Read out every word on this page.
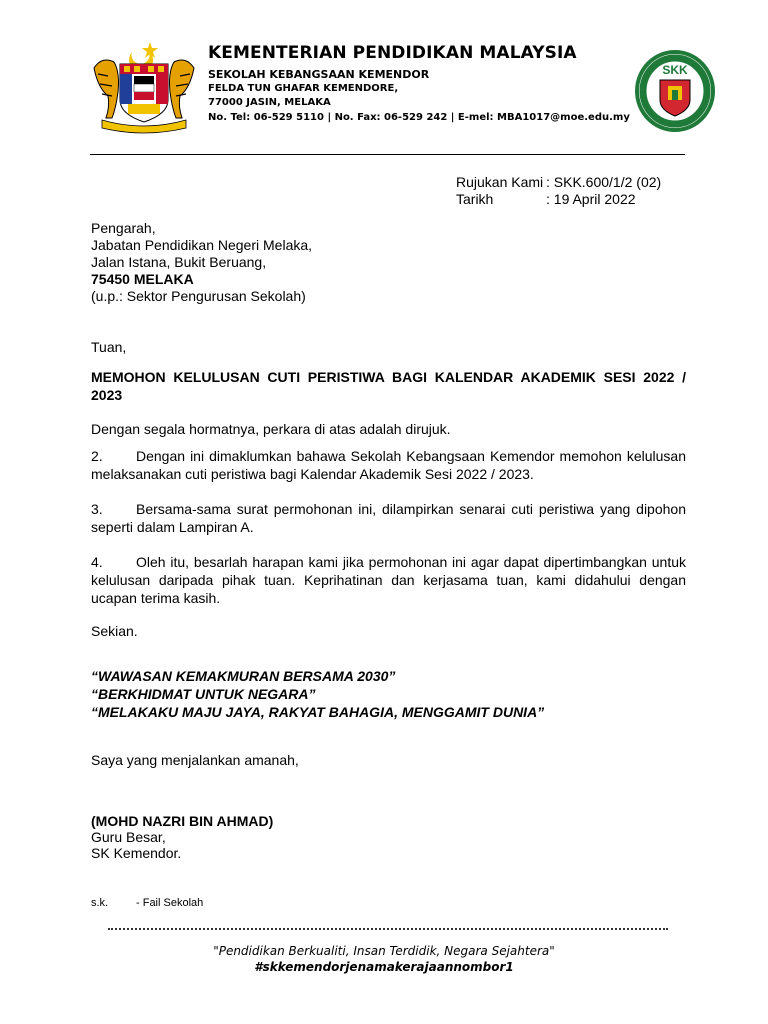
KEMENTERIAN PENDIDIKAN MALAYSIA
SEKOLAH KEBANGSAAN KEMENDOR
FELDA TUN GHAFAR KEMENDORE,
77000 JASIN, MELAKA
No. Tel: 06-529 5110 | No. Fax: 06-529 242 | E-mel: MBA1017@moe.edu.my
SKK
Rujukan Kami : SKK.600/1/2 (02)
Tarikh	: 19 April 2022
Pengarah,
Jabatan Pendidikan Negeri Melaka,
Jalan Istana, Bukit Beruang,
75450 MELAKA
(u.p.: Sektor Pengurusan Sekolah)
Tuan,
MEMOHON KELULUSAN CUTI PERISTIWA BAGI KALENDAR AKADEMIK SESI 2022 / 2023
Dengan segala hormatnya, perkara di atas adalah dirujuk.
2. Dengan ini dimaklumkan bahawa Sekolah Kebangsaan Kemendor memohon kelulusan melaksanakan cuti peristiwa bagi Kalendar Akademik Sesi 2022 / 2023.
3. Bersama-sama surat permohonan ini, dilampirkan senarai cuti peristiwa yang dipohon seperti dalam Lampiran A.
4. Oleh itu, besarlah harapan kami jika permohonan ini agar dapat dipertimbangkan untuk kelulusan daripada pihak tuan. Keprihatinan dan kerjasama tuan, kami didahului dengan ucapan terima kasih.
Sekian.
“WAWASAN KEMAKMURAN BERSAMA 2030”
“BERKHIDMAT UNTUK NEGARA”
“MELAKAKU MAJU JAYA, RAKYAT BAHAGIA, MENGGAMIT DUNIA”
Saya yang menjalankan amanah,
(MOHD NAZRI BIN AHMAD)
Guru Besar,
SK Kemendor.
s.k.	- Fail Sekolah
"Pendidikan Berkualiti, Insan Terdidik, Negara Sejahtera"
#skkemendorjenamakerajaannombor1
